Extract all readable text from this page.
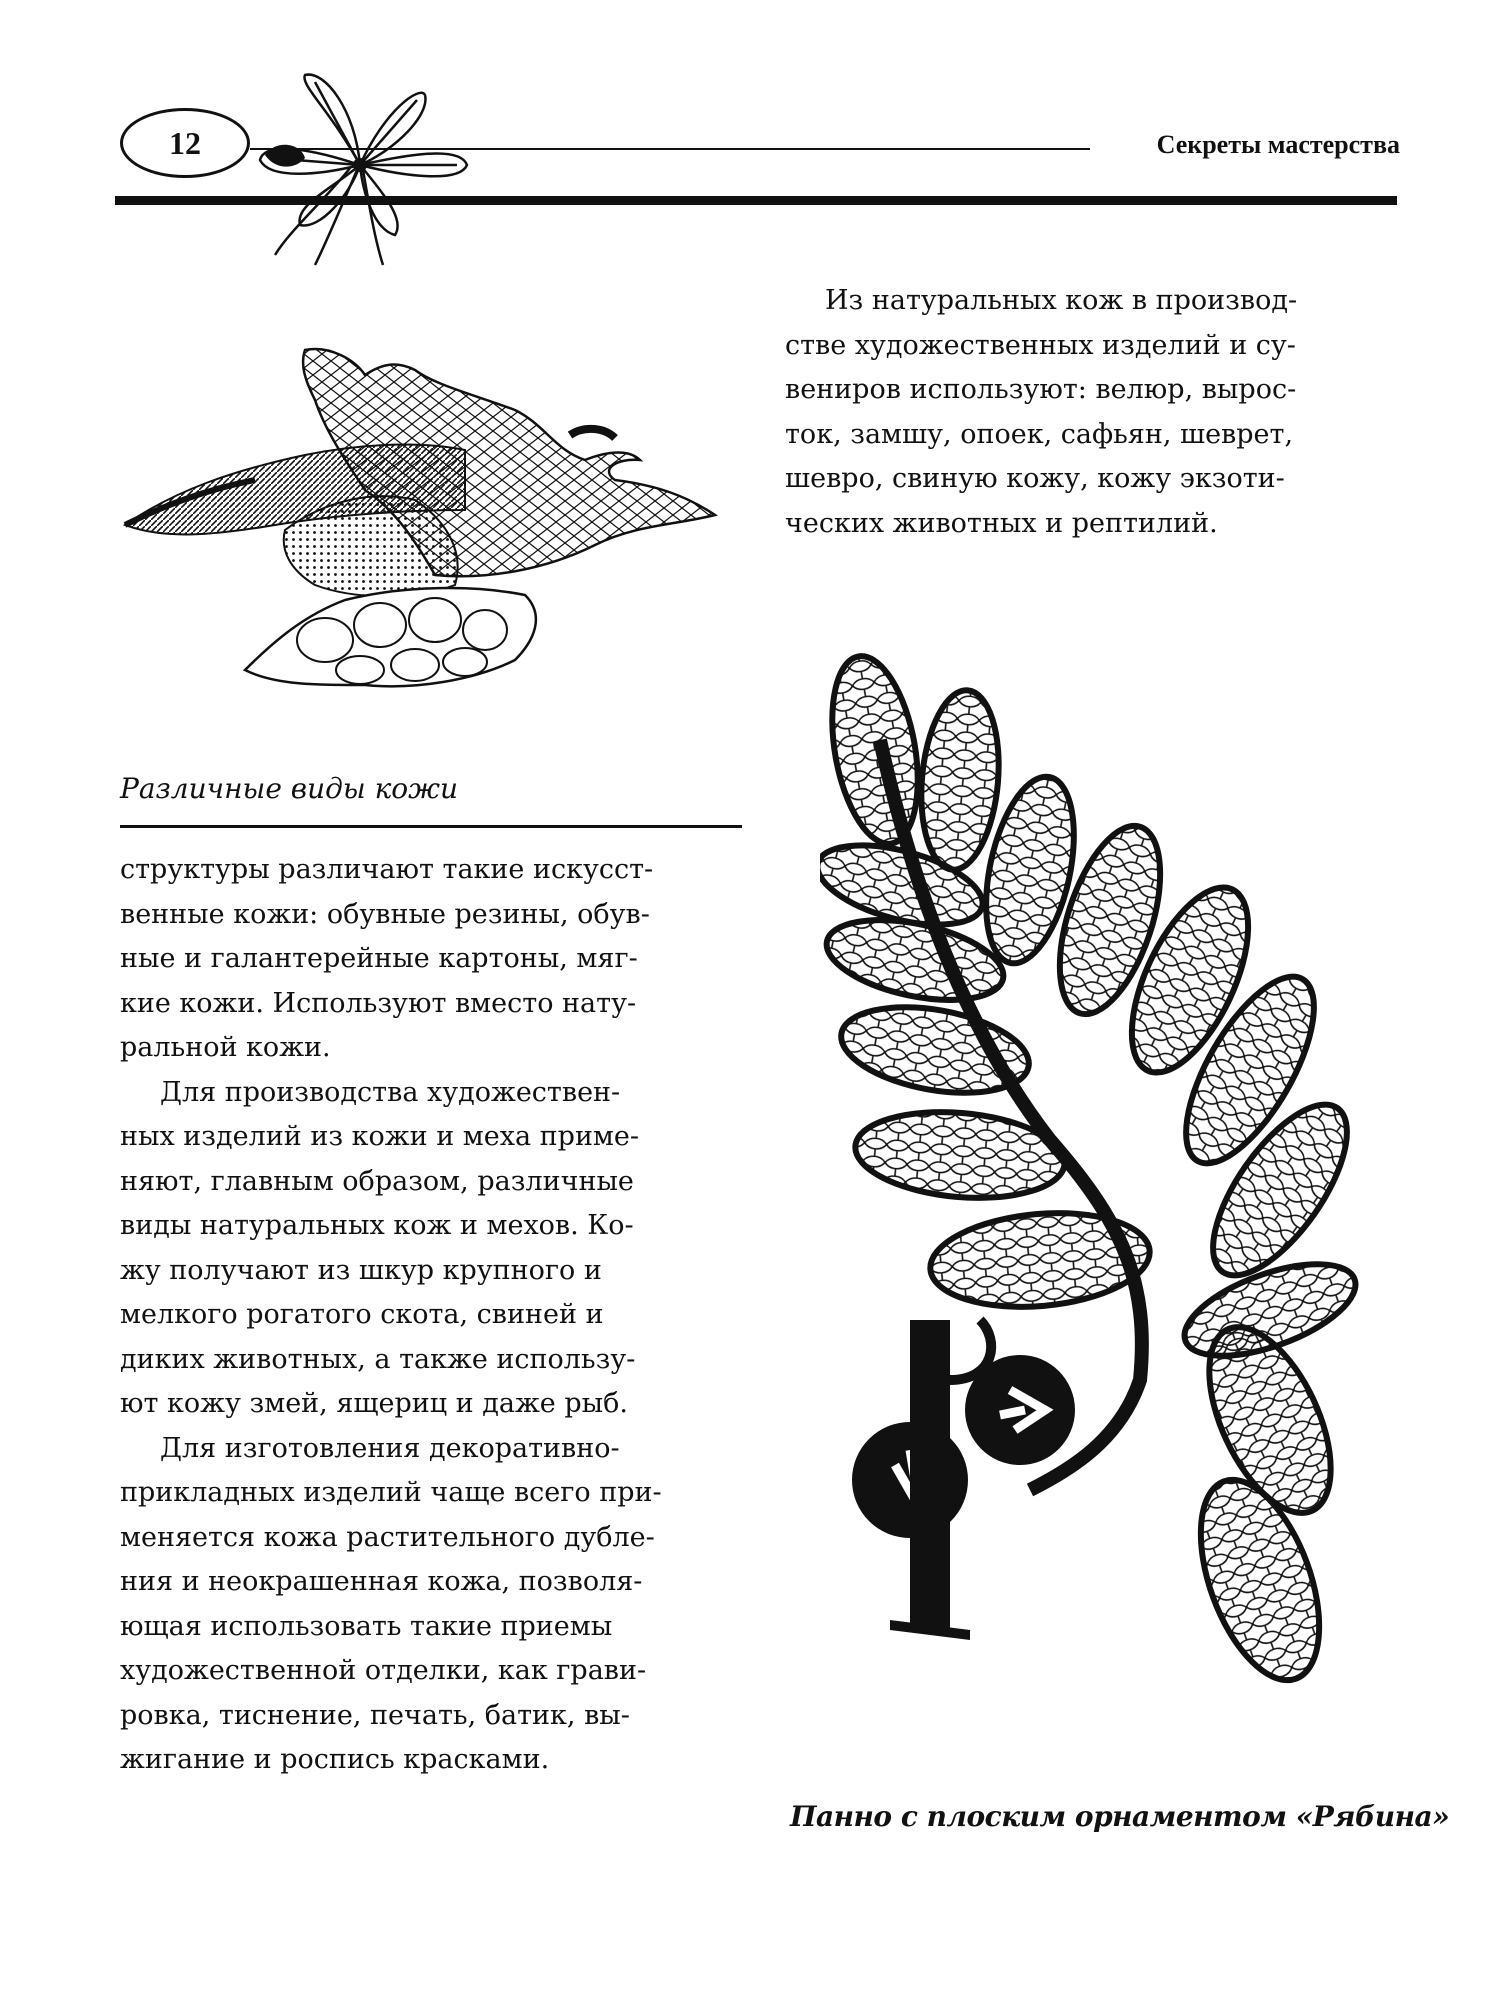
12	Секреты мастерства

Из натуральных кож в производ-
стве художественных изделий и су-
вениров используют: велюр, вырос-
ток, замшу, опоек, сафьян, шеврет,
шевро, свиную кожу, кожу экзоти-
ческих животных и рептилий.

Различные виды кожи

структуры различают такие искусст-
венные кожи: обувные резины, обув-
ные и галантерейные картоны, мяг-
кие кожи. Используют вместо нату-
ральной кожи.
Для производства художествен-
ных изделий из кожи и меха приме-
няют, главным образом, различные
виды натуральных кож и мехов. Ко-
жу получают из шкур крупного и
мелкого рогатого скота, свиней и
диких животных, а также использу-
ют кожу змей, ящериц и даже рыб.
Для изготовления декоративно-
прикладных изделий чаще всего при-
меняется кожа растительного дубле-
ния и неокрашенная кожа, позволя-
ющая использовать такие приемы
художественной отделки, как грави-
ровка, тиснение, печать, батик, вы-
жигание и роспись красками.

Панно с плоским орнаментом «Рябина»
